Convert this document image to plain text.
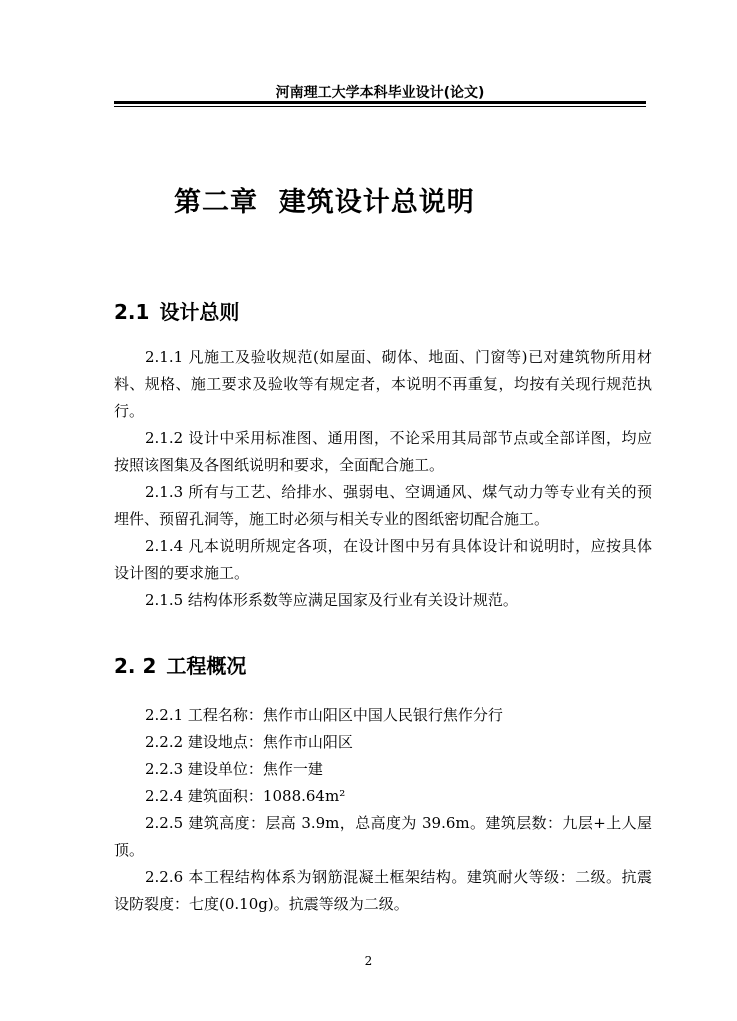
河南理工大学本科毕业设计(论文)
第二章  建筑设计总说明
2.1 设计总则
2.1.1 凡施工及验收规范(如屋面、砌体、地面、门窗等)已对建筑物所用材料、规格、施工要求及验收等有规定者，本说明不再重复，均按有关现行规范执行。
2.1.2 设计中采用标准图、通用图，不论采用其局部节点或全部详图，均应按照该图集及各图纸说明和要求，全面配合施工。
2.1.3 所有与工艺、给排水、强弱电、空调通风、煤气动力等专业有关的预埋件、预留孔洞等，施工时必须与相关专业的图纸密切配合施工。
2.1.4 凡本说明所规定各项，在设计图中另有具体设计和说明时，应按具体设计图的要求施工。
2.1.5 结构体形系数等应满足国家及行业有关设计规范。
2. 2 工程概况
2.2.1 工程名称：焦作市山阳区中国人民银行焦作分行
2.2.2 建设地点：焦作市山阳区
2.2.3 建设单位：焦作一建
2.2.4 建筑面积：1088.64m²
2.2.5 建筑高度：层高 3.9m，总高度为 39.6m。建筑层数：九层+上人屋顶。
2.2.6 本工程结构体系为钢筋混凝土框架结构。建筑耐火等级：二级。抗震设防裂度：七度(0.10g)。抗震等级为二级。
2
